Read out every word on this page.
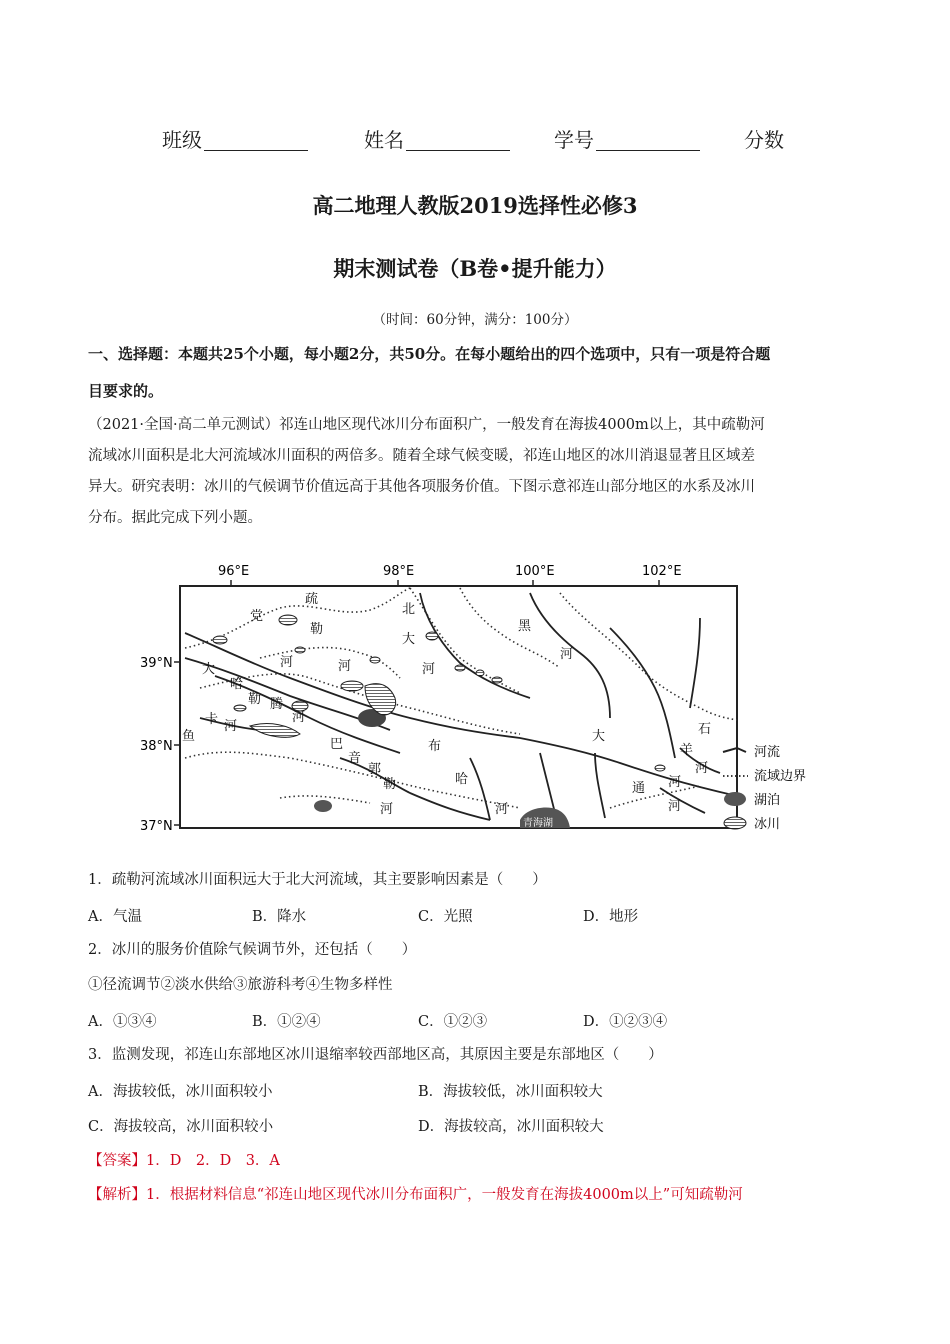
班级	姓名	学号	分数
高二地理人教版2019选择性必修3
期末测试卷（B卷•提升能力）
（时间：60分钟，满分：100分）
一、选择题：本题共25个小题，每小题2分，共50分。在每小题给出的四个选项中，只有一项是符合题
目要求的。
（2021·全国·高二单元测试）祁连山地区现代冰川分布面积广，一般发育在海拔4000m以上，其中疏勒河
流域冰川面积是北大河流域冰川面积的两倍多。随着全球气候变暖，祁连山地区的冰川消退显著且区域差
异大。研究表明：冰川的气候调节价值远高于其他各项服务价值。下图示意祁连山部分地区的水系及冰川
分布。据此完成下列小题。
96°E	98°E	100°E	102°E
39°N
38°N
37°N
疏
勒
河
北
大
河
黑
河
党
河
大
哈
勒 腾
河
鱼
卡 河
巴
音
郭
勒
河
布
哈
河
大
通
河
石
羊
河
河
青海湖
河流
流域边界
湖泊
冰川
1．疏勒河流域冰川面积远大于北大河流域，其主要影响因素是（　　）
A．气温	B．降水	C．光照	D．地形
2．冰川的服务价值除气候调节外，还包括（　　）
①径流调节②淡水供给③旅游科考④生物多样性
A．①③④	B．①②④	C．①②③	D．①②③④
3．监测发现，祁连山东部地区冰川退缩率较西部地区高，其原因主要是东部地区（　　）
A．海拔较低，冰川面积较小	B．海拔较低，冰川面积较大
C．海拔较高，冰川面积较小	D．海拔较高，冰川面积较大
【答案】1．D　2．D　3．A
【解析】1．根据材料信息“祁连山地区现代冰川分布面积广，一般发育在海拔4000m以上”可知疏勒河
